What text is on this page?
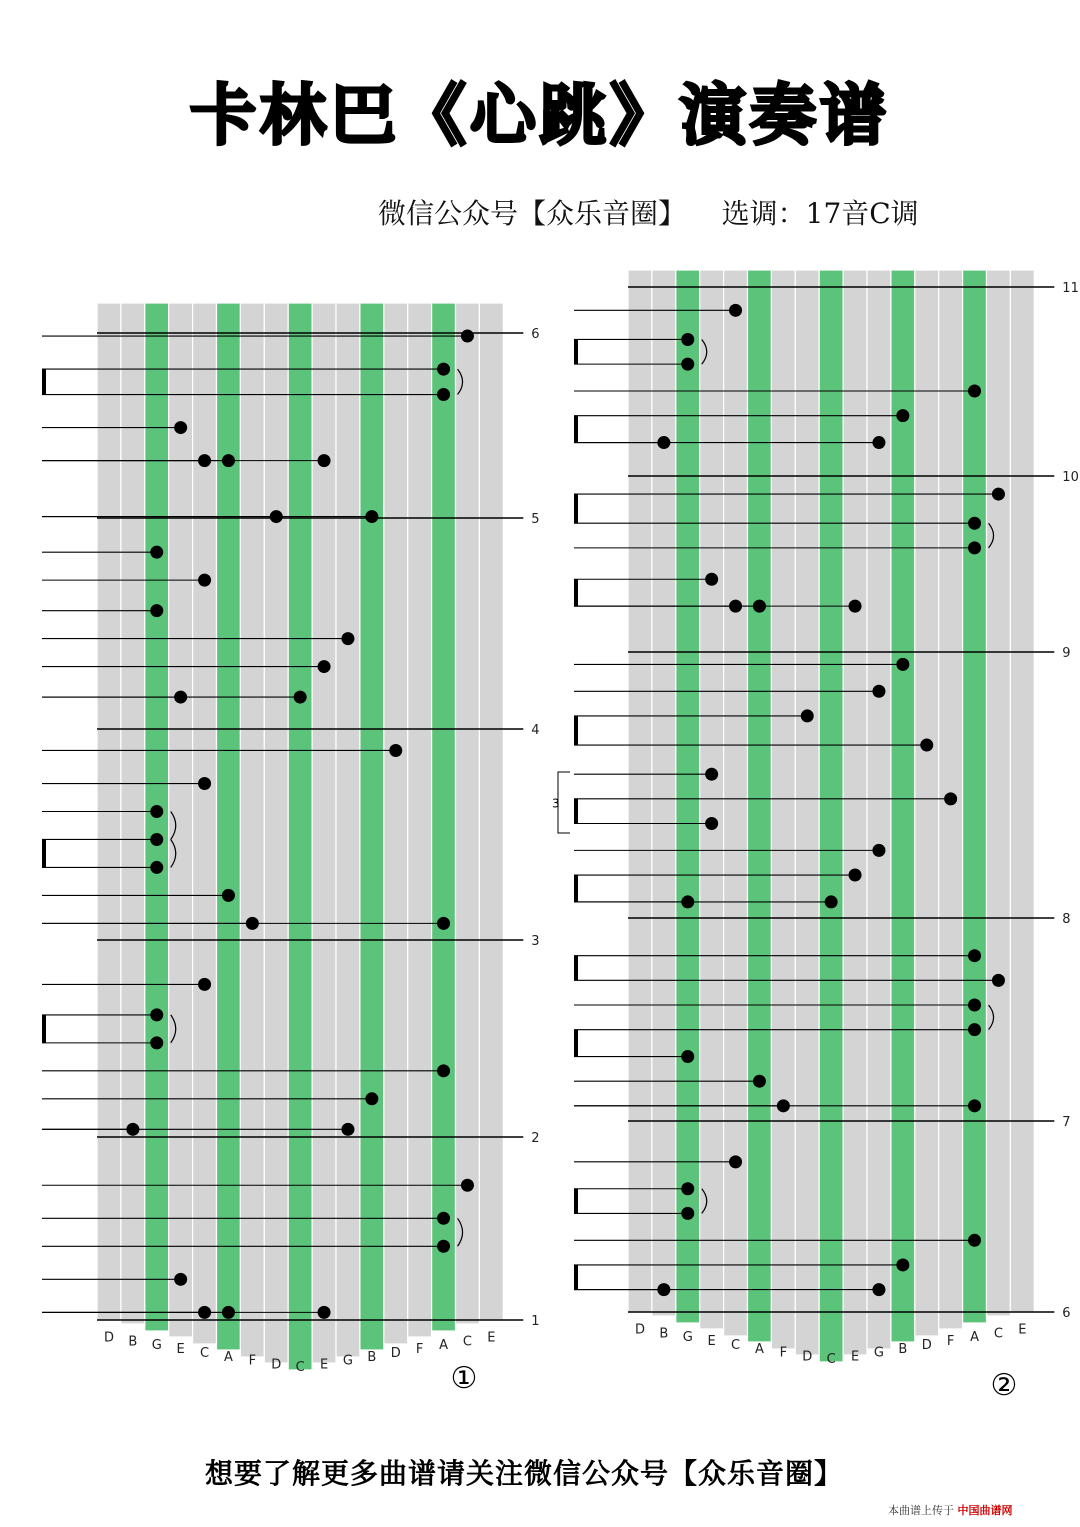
卡林巴《心跳》演奏谱
微信公众号【众乐音圈】 选调：17音C调
D B G E C A F D C E G B D F A C E
6
5
4
3
2
1
①
D B G E C A F D C E G B D F A C E
11
10
9
8
7
6
3
②
想要了解更多曲谱请关注微信公众号【众乐音圈】
本曲谱上传于 中国曲谱网
